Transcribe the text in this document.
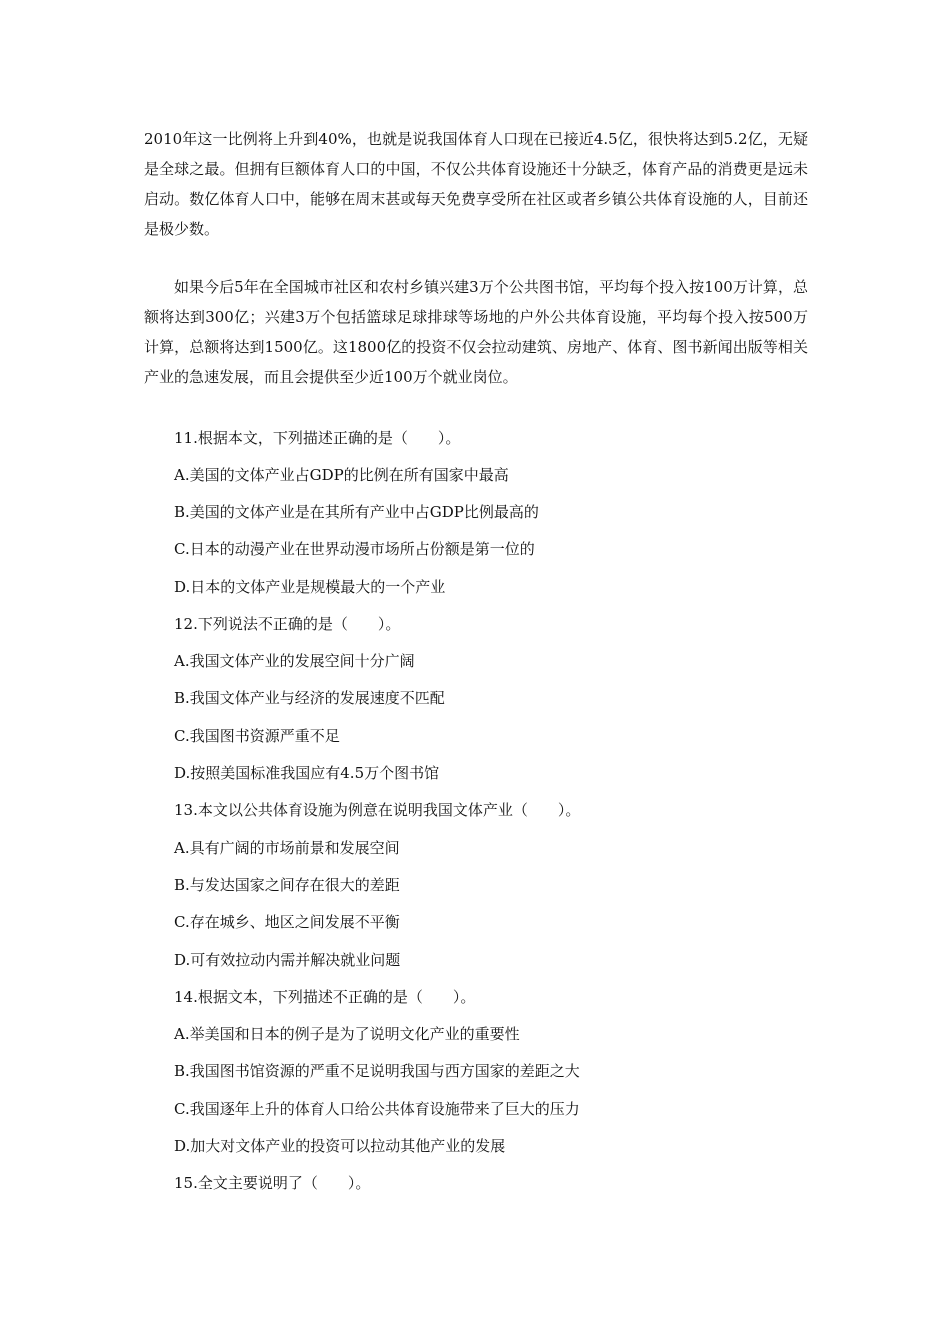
2010年这一比例将上升到40%，也就是说我国体育人口现在已接近4.5亿，很快将达到5.2亿，无疑是全球之最。但拥有巨额体育人口的中国，不仅公共体育设施还十分缺乏，体育产品的消费更是远未启动。数亿体育人口中，能够在周末甚或每天免费享受所在社区或者乡镇公共体育设施的人，目前还是极少数。

如果今后5年在全国城市社区和农村乡镇兴建3万个公共图书馆，平均每个投入按100万计算，总额将达到300亿；兴建3万个包括篮球足球排球等场地的户外公共体育设施，平均每个投入按500万计算，总额将达到1500亿。这1800亿的投资不仅会拉动建筑、房地产、体育、图书新闻出版等相关产业的急速发展，而且会提供至少近100万个就业岗位。

11.根据本文，下列描述正确的是（　　）。

A.美国的文体产业占GDP的比例在所有国家中最高

B.美国的文体产业是在其所有产业中占GDP比例最高的

C.日本的动漫产业在世界动漫市场所占份额是第一位的

D.日本的文体产业是规模最大的一个产业

12.下列说法不正确的是（　　）。

A.我国文体产业的发展空间十分广阔

B.我国文体产业与经济的发展速度不匹配

C.我国图书资源严重不足

D.按照美国标准我国应有4.5万个图书馆

13.本文以公共体育设施为例意在说明我国文体产业（　　）。

A.具有广阔的市场前景和发展空间

B.与发达国家之间存在很大的差距

C.存在城乡、地区之间发展不平衡

D.可有效拉动内需并解决就业问题

14.根据文本，下列描述不正确的是（　　）。

A.举美国和日本的例子是为了说明文化产业的重要性

B.我国图书馆资源的严重不足说明我国与西方国家的差距之大

C.我国逐年上升的体育人口给公共体育设施带来了巨大的压力

D.加大对文体产业的投资可以拉动其他产业的发展

15.全文主要说明了（　　）。
